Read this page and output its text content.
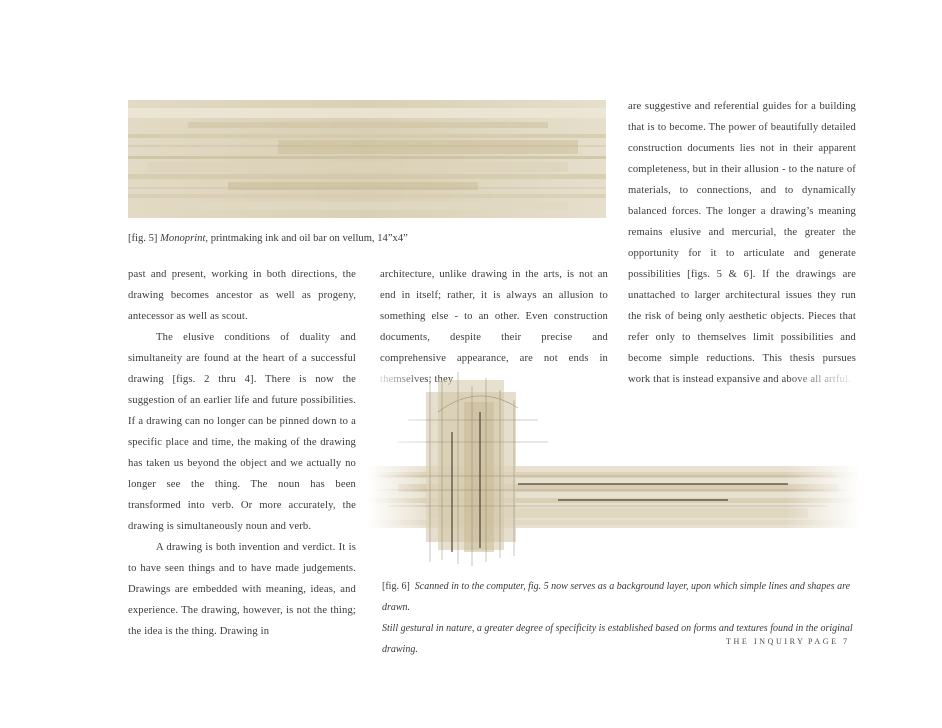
[fig. 5] Monoprint, printmaking ink and oil bar on vellum, 14”x4”

are suggestive and referential guides for a building that is to become. The power of beautifully detailed construction documents lies not in their apparent completeness, but in their allusion - to the nature of materials, to connections, and to dynamically balanced forces. The longer a drawing’s meaning remains elusive and mercurial, the greater the opportunity for it to articulate and generate possibilities [figs. 5 & 6]. If the drawings are unattached to larger architectural issues they run the risk of being only aesthetic objects. Pieces that refer only to themselves limit possibilities and become simple reductions. This thesis pursues

past and present, working in both directions, the drawing becomes ancestor as well as progeny, antecessor as well as scout.

The elusive conditions of duality and simultaneity are found at the heart of a successful drawing [figs. 2 thru 4]. There is now the suggestion of an earlier life and future possibilities. If a drawing can no longer can be pinned down to a specific place and time, the making of the drawing has taken us beyond the object and we actually no longer see the thing. The noun has been transformed into verb. Or more accurately, the drawing is simultaneously noun and verb.

A drawing is both invention and verdict. It is to have seen things and to have made judgements. Drawings are embedded with meaning, ideas, and experience. The drawing, however, is not the thing; the idea is the thing. Drawing in

architecture, unlike drawing in the arts, is not an end in itself; rather, it is always an allusion to something else - to an other. Even construction documents, despite their precise and comprehensive appearance, are not ends in

[fig. 6] Scanned in to the computer, fig. 5 now serves as a background layer, upon which simple lines and shapes are drawn.
Still gestural in nature, a greater degree of specificity is established based on forms and textures found in the original drawing.
THE INQUIRY PAGE 7
